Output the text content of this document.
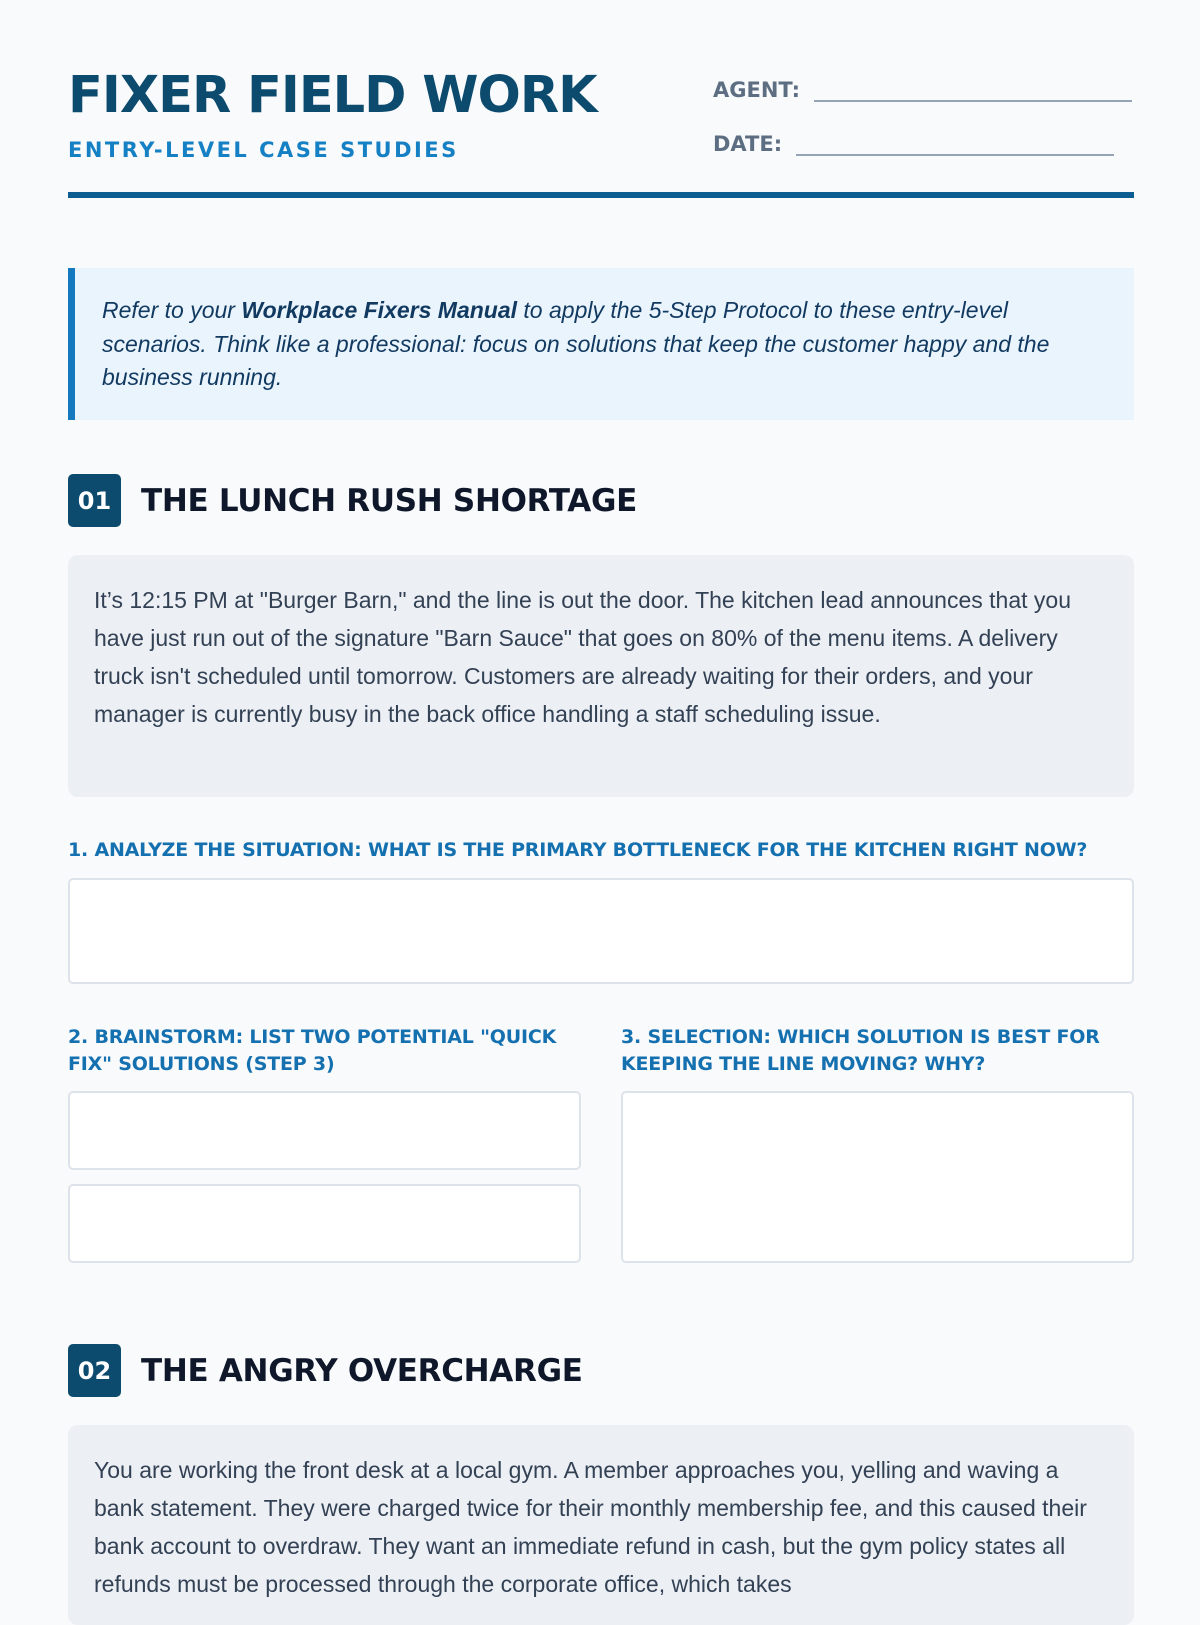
FIXER FIELD WORK
ENTRY-LEVEL CASE STUDIES
AGENT:
DATE:

Refer to your Workplace Fixers Manual to apply the 5-Step Protocol to these entry-level scenarios. Think like a professional: focus on solutions that keep the customer happy and the business running.

01 THE LUNCH RUSH SHORTAGE

It’s 12:15 PM at "Burger Barn," and the line is out the door. The kitchen lead announces that you have just run out of the signature "Barn Sauce" that goes on 80% of the menu items. A delivery truck isn't scheduled until tomorrow. Customers are already waiting for their orders, and your manager is currently busy in the back office handling a staff scheduling issue.

1. ANALYZE THE SITUATION: WHAT IS THE PRIMARY BOTTLENECK FOR THE KITCHEN RIGHT NOW?
2. BRAINSTORM: LIST TWO POTENTIAL "QUICK FIX" SOLUTIONS (STEP 3)
3. SELECTION: WHICH SOLUTION IS BEST FOR KEEPING THE LINE MOVING? WHY?
02 THE ANGRY OVERCHARGE

You are working the front desk at a local gym. A member approaches you, yelling and waving a bank statement. They were charged twice for their monthly membership fee, and this caused their bank account to overdraw. They want an immediate refund in cash, but the gym policy states all refunds must be processed through the corporate office, which takes
